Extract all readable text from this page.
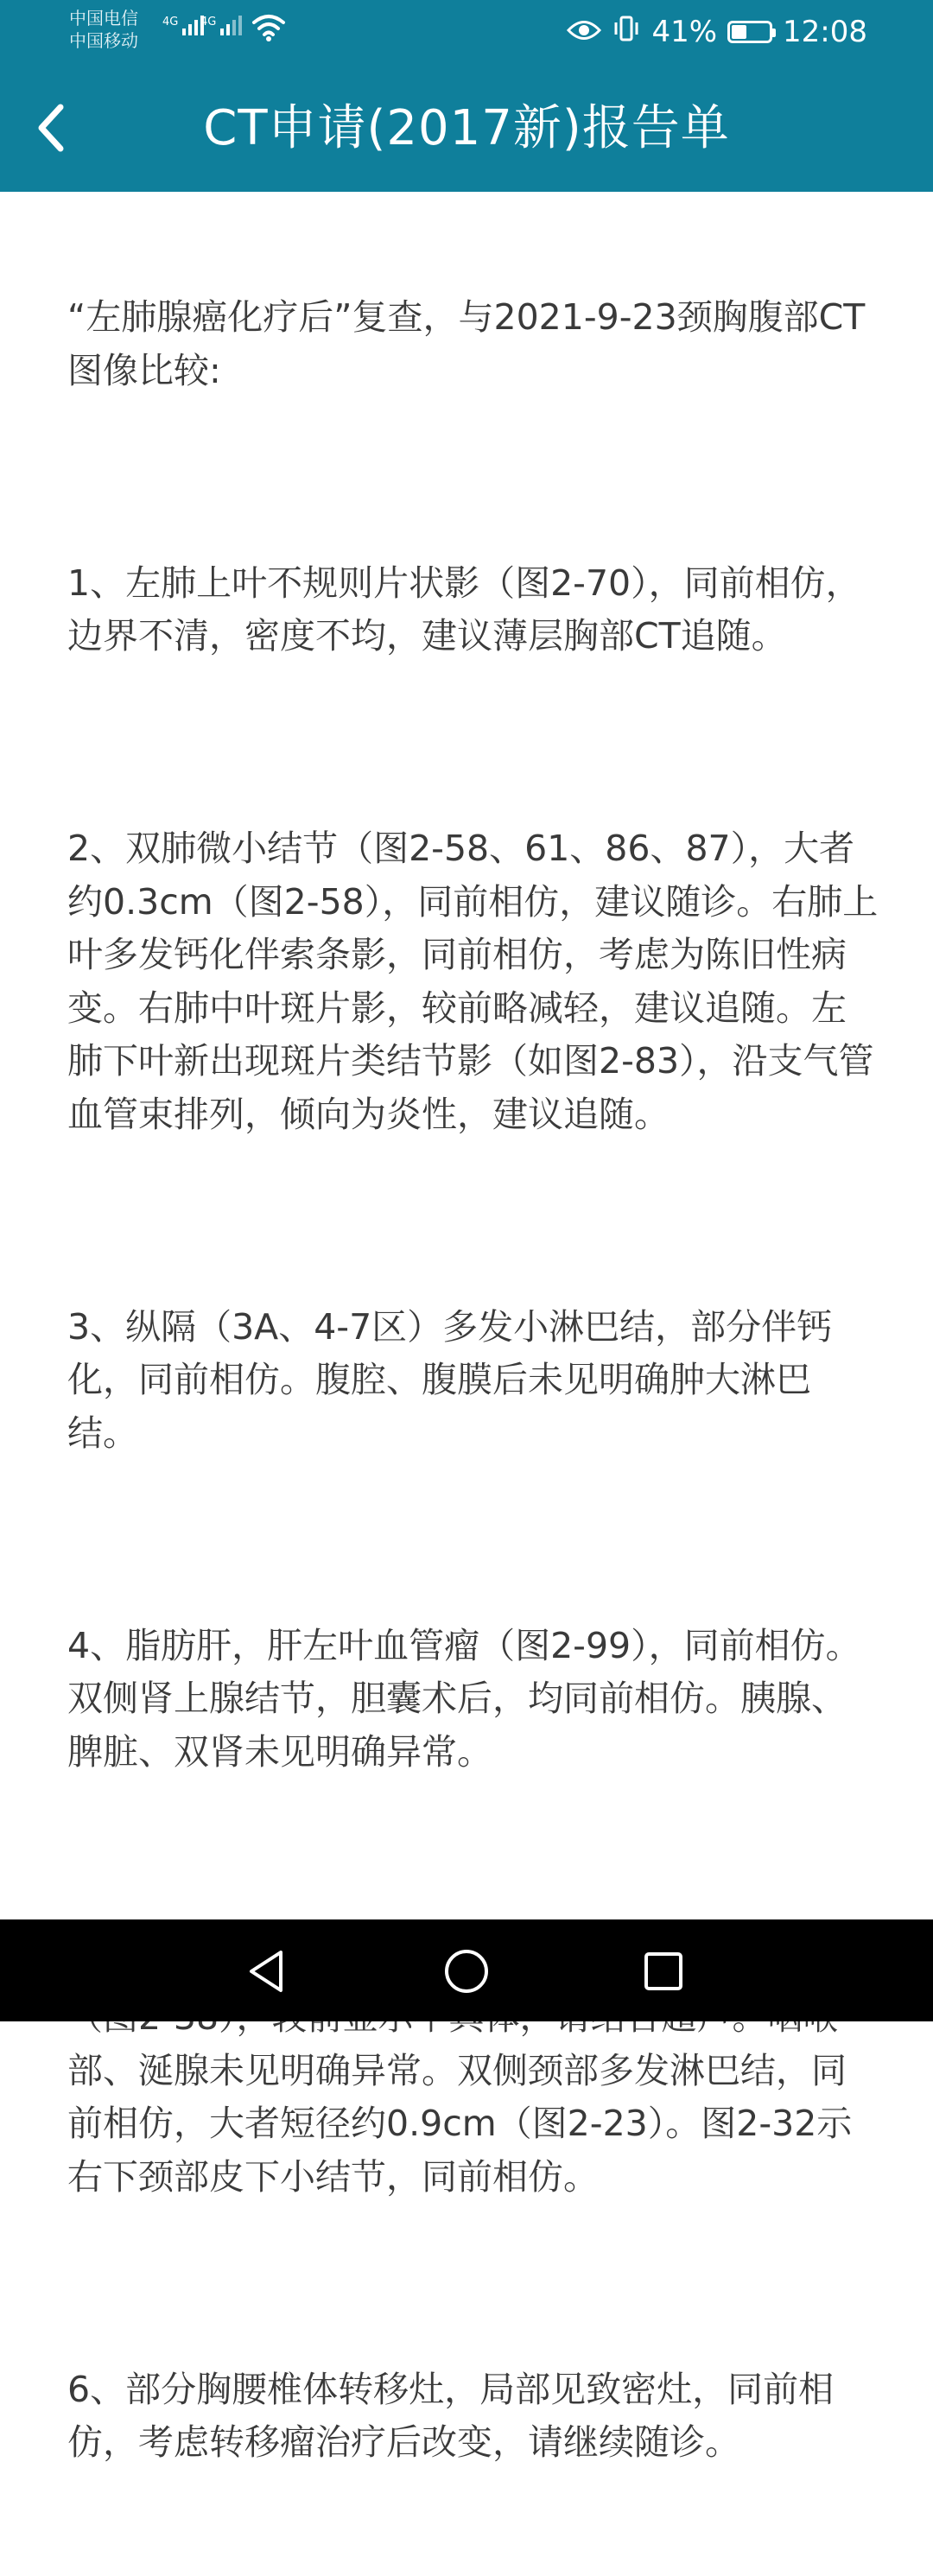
中国电信
中国移动
4G 4G	41% 12:08
CT申请(2017新)报告单

“左肺腺癌化疗后”复查，与2021-9-23颈胸腹部CT图像比较:

1、左肺上叶不规则片状影（图2-70），同前相仿，边界不清，密度不均，建议薄层胸部CT追随。

2、双肺微小结节（图2-58、61、86、87），大者约0.3cm（图2-58），同前相仿，建议随诊。右肺上叶多发钙化伴索条影，同前相仿，考虑为陈旧性病变。右肺中叶斑片影，较前略减轻，建议追随。左肺下叶新出现斑片类结节影（如图2-83），沿支气管血管束排列，倾向为炎性，建议追随。

3、纵隔（3A、4-7区）多发小淋巴结，部分伴钙化，同前相仿。腹腔、腹膜后未见明确肿大淋巴结。

4、脂肪肝，肝左叶血管瘤（图2-99），同前相仿。双侧肾上腺结节，胆囊术后，均同前相仿。胰腺、脾脏、双肾未见明确异常。

部、涎腺未见明确异常。双侧颈部多发淋巴结，同前相仿，大者短径约0.9cm（图2-23）。图2-32示右下颈部皮下小结节，同前相仿。

6、部分胸腰椎体转移灶，局部见致密灶，同前相仿，考虑转移瘤治疗后改变，请继续随诊。
